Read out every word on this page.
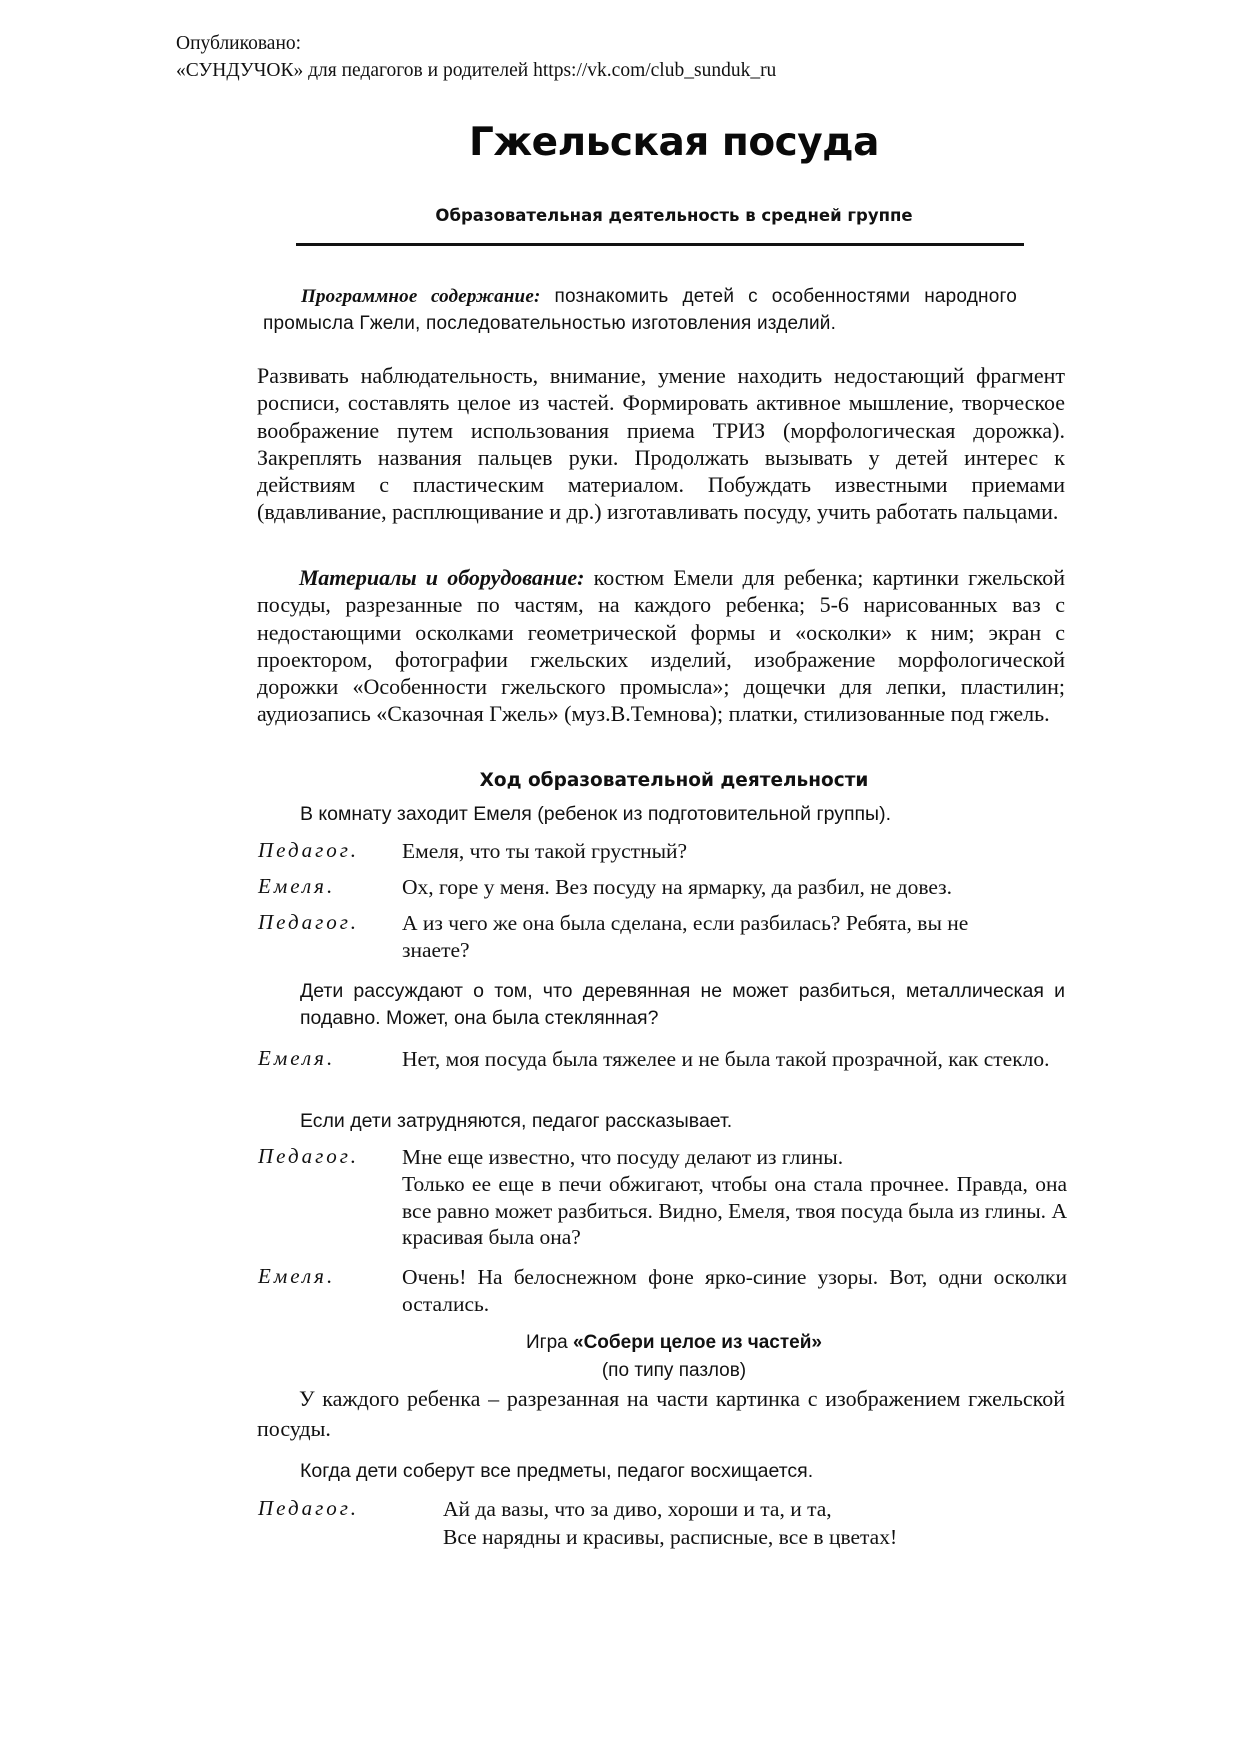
Опубликовано:
«СУНДУЧОК» для педагогов и родителей https://vk.com/club_sunduk_ru
Гжельская посуда
Образовательная деятельность в средней группе
Программное содержание: познакомить детей с особенностями народного промысла Гжели, последовательностью изготовления изделий.
Развивать наблюдательность, внимание, умение находить недостающий фрагмент росписи, составлять целое из частей. Формировать активное мышление, творческое воображение путем использования приема ТРИЗ (морфологическая дорожка). Закреплять названия пальцев руки. Продолжать вызывать у детей интерес к действиям с пластическим материалом. Побуждать известными приемами (вдавливание, расплющивание и др.) изготавливать посуду, учить работать пальцами.
Материалы и оборудование: костюм Емели для ребенка; картинки гжельской посуды, разрезанные по частям, на каждого ребенка; 5-6 нарисованных ваз с недостающими осколками геометрической формы и «осколки» к ним; экран с проектором, фотографии гжельских изделий, изображение морфологической дорожки «Особенности гжельского промысла»; дощечки для лепки, пластилин; аудиозапись «Сказочная Гжель» (муз.В.Темнова); платки, стилизованные под гжель.
Ход образовательной деятельности
В комнату заходит Емеля (ребенок из подготовительной группы).
Педагог. Емеля, что ты такой грустный?
Емеля.	Ох, горе у меня. Вез посуду на ярмарку, да разбил, не довез.
Педагог. А из чего же она была сделана, если разбилась? Ребята, вы не знаете?
Дети рассуждают о том, что деревянная не может разбиться, металлическая и подавно. Может, она была стеклянная?
Емеля.	Нет, моя посуда была тяжелее и не была такой прозрачной, как стекло.
Если дети затрудняются, педагог рассказывает.
Педагог. Мне еще известно, что посуду делают из глины.
Только ее еще в печи обжигают, чтобы она стала прочнее. Правда, она все равно может разбиться. Видно, Емеля, твоя посуда была из глины. А красивая была она?
Емеля.	Очень! На белоснежном фоне ярко-синие узоры. Вот, одни осколки остались.
Игра «Собери целое из частей»
(по типу пазлов)
У каждого ребенка – разрезанная на части картинка с изображением гжельской посуды.
Когда дети соберут все предметы, педагог восхищается.
Педагог.	Ай да вазы, что за диво, хороши и та, и та,
Все нарядны и красивы, расписные, все в цветах!
